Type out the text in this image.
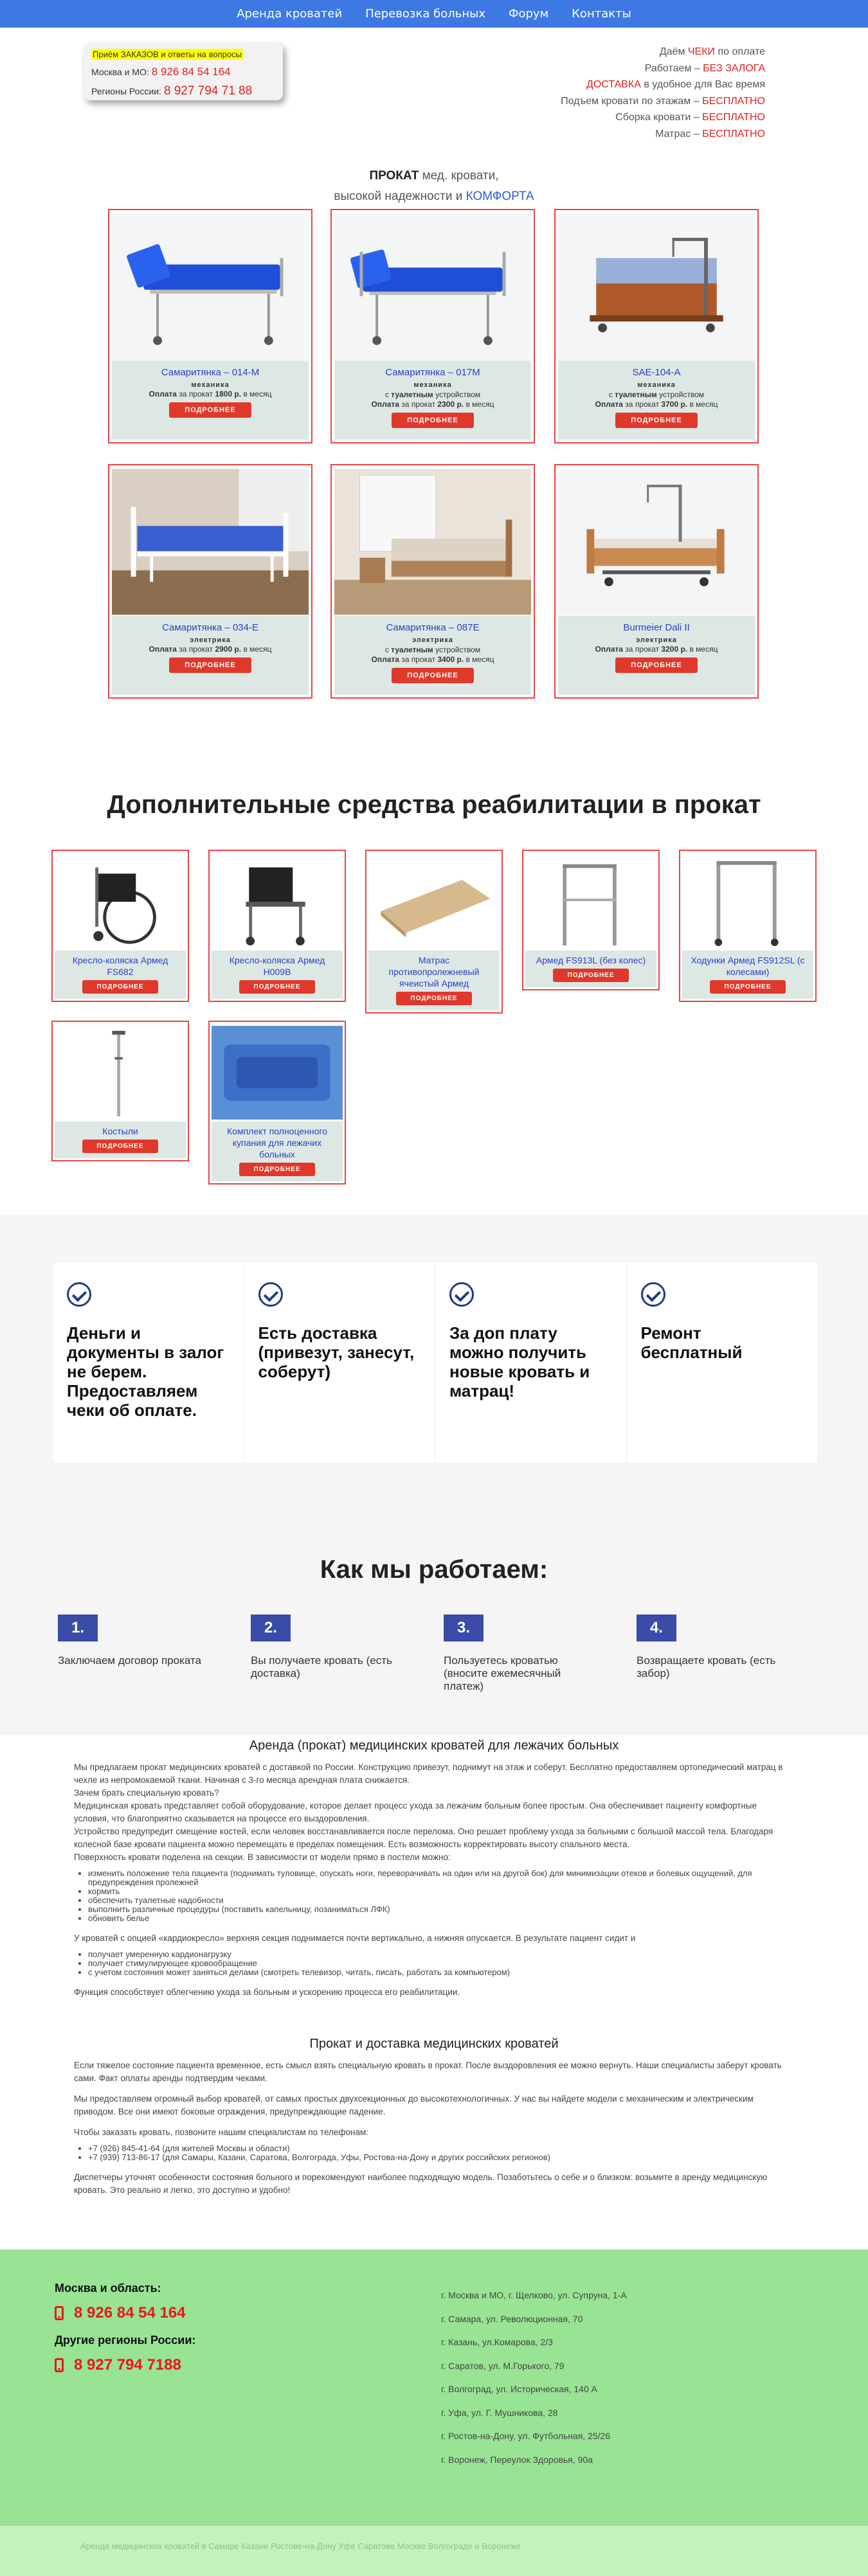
Аренда кроватей Перевозка больных Форум Контакты
Приём ЗАКАЗОВ и ответы на вопросы
Москва и МО: 8 926 84 54 164
Регионы России: 8 927 794 71 88
Даём ЧЕКИ по оплате
Работаем – БЕЗ ЗАЛОГА
ДОСТАВКА в удобное для Вас время
Подъем кровати по этажам – БЕСПЛАТНО
Сборка кровати – БЕСПЛАТНО
Матрас – БЕСПЛАТНО
ПРОКАТ мед. кровати,
высокой надежности и КОМФОРТА
Самаритянка – 014-М
механика
Оплата за прокат 1800 р. в месяц
ПОДРОБНЕЕ
Самаритянка – 017М
механика
с туалетным устройством
Оплата за прокат 2300 р. в месяц
ПОДРОБНЕЕ
SAE-104-А
механика
с туалетным устройством
Оплата за прокат 3700 р. в месяц
ПОДРОБНЕЕ
Самаритянка – 034-Е
электрика
Оплата за прокат 2900 р. в месяц
ПОДРОБНЕЕ
Самаритянка – 087Е
электрика
с туалетным устройством
Оплата за прокат 3400 р. в месяц
ПОДРОБНЕЕ
Burmeier Dali II
электрика
Оплата за прокат 3200 р. в месяц
ПОДРОБНЕЕ
Дополнительные средства реабилитации в прокат
Кресло-коляска Армед FS682
ПОДРОБНЕЕ
Кресло-коляска Армед H009B
ПОДРОБНЕЕ
Матрас противопролежневый ячеистый Армед
ПОДРОБНЕЕ
Армед FS913L (без колес)
ПОДРОБНЕЕ
Ходунки Армед FS912SL (с колесами)
ПОДРОБНЕЕ
Костыли
ПОДРОБНЕЕ
Комплект полноценного купания для лежачих больных
ПОДРОБНЕЕ
Деньги и документы в залог не берем. Предоставляем чеки об оплате.
Есть доставка (привезут, занесут, соберут)
За доп плату можно получить новые кровать и матрац!
Ремонт бесплатный
Как мы работаем:
1.
Заключаем договор проката
2.
Вы получаете кровать (есть доставка)
3.
Пользуетесь кроватью (вносите ежемесячный платеж)
4.
Возвращаете кровать (есть забор)
Аренда (прокат) медицинских кроватей для лежачих больных

Мы предлагаем прокат медицинских кроватей с доставкой по России. Конструкцию привезут, поднимут на этаж и соберут. Бесплатно предоставляем ортопедический матрац в чехле из непромокаемой ткани. Начиная с 3-го месяца арендная плата снижается.

Зачем брать специальную кровать?

Медицинская кровать представляет собой оборудование, которое делает процесс ухода за лежачим больным более простым. Она обеспечивает пациенту комфортные условия, что благоприятно сказывается на процессе его выздоровления.

Устройство предупредит смещение костей, если человек восстанавливается после перелома. Оно решает проблему ухода за больными с большой массой тела. Благодаря колесной базе кровати пациента можно перемещать в пределах помещения. Есть возможность корректировать высоту спального места.

Поверхность кровати поделена на секции. В зависимости от модели прямо в постели можно:

• изменить положение тела пациента (поднимать туловище, опускать ноги, переворачивать на один или на другой бок) для минимизации отеков и болевых ощущений, для предупреждения пролежней
• кормить
• обеспечить туалетные надобности
• выполнить различные процедуры (поставить капельницу, позаниматься ЛФК)
• обновить белье

У кроватей с опцией «кардиокресло» верхняя секция поднимается почти вертикально, а нижняя опускается. В результате пациент сидит и

• получает умеренную кардионагрузку
• получает стимулирующее кровообращение
• с учетом состояния может заняться делами (смотреть телевизор, читать, писать, работать за компьютером)

Функция способствует облегчению ухода за больным и ускорению процесса его реабилитации.

Прокат и доставка медицинских кроватей

Если тяжелое состояние пациента временное, есть смысл взять специальную кровать в прокат. После выздоровления ее можно вернуть. Наши специалисты заберут кровать сами. Факт оплаты аренды подтвердим чеками.

Мы предоставляем огромный выбор кроватей, от самых простых двухсекционных до высокотехнологичных. У нас вы найдете модели с механическим и электрическим приводом. Все они имеют боковые ограждения, предупреждающие падение.

Чтобы заказать кровать, позвоните нашим специалистам по телефонам:

• +7 (926) 845-41-64 (для жителей Москвы и области)
• +7 (939) 713-86-17 (для Самары, Казани, Саратова, Волгограда, Уфы, Ростова-на-Дону и других российских регионов)

Диспетчеры уточнят особенности состояния больного и порекомендуют наиболее подходящую модель. Позаботьтесь о себе и о близком: возьмите в аренду медицинскую кровать. Это реально и легко, это доступно и удобно!

Москва и область:
8 926 84 54 164
Другие регионы России:
8 927 794 7188
г. Москва и МО, г. Щелково, ул. Супруна, 1-А
г. Самара, ул. Революционная, 70
г. Казань, ул.Комарова, 2/3
г. Саратов, ул. М.Горького, 79
г. Волгоград, ул. Историческая, 140 А
г. Уфа, ул. Г. Мушникова, 28
г. Ростов-на-Дону, ул. Футбольная, 25/26
г. Воронеж, Переулок Здоровья, 90а
Аренда медицинских кроватей в Самаре Казани Ростове-на-Дону Уфе Саратове Москве Волгограде и Воронеже
